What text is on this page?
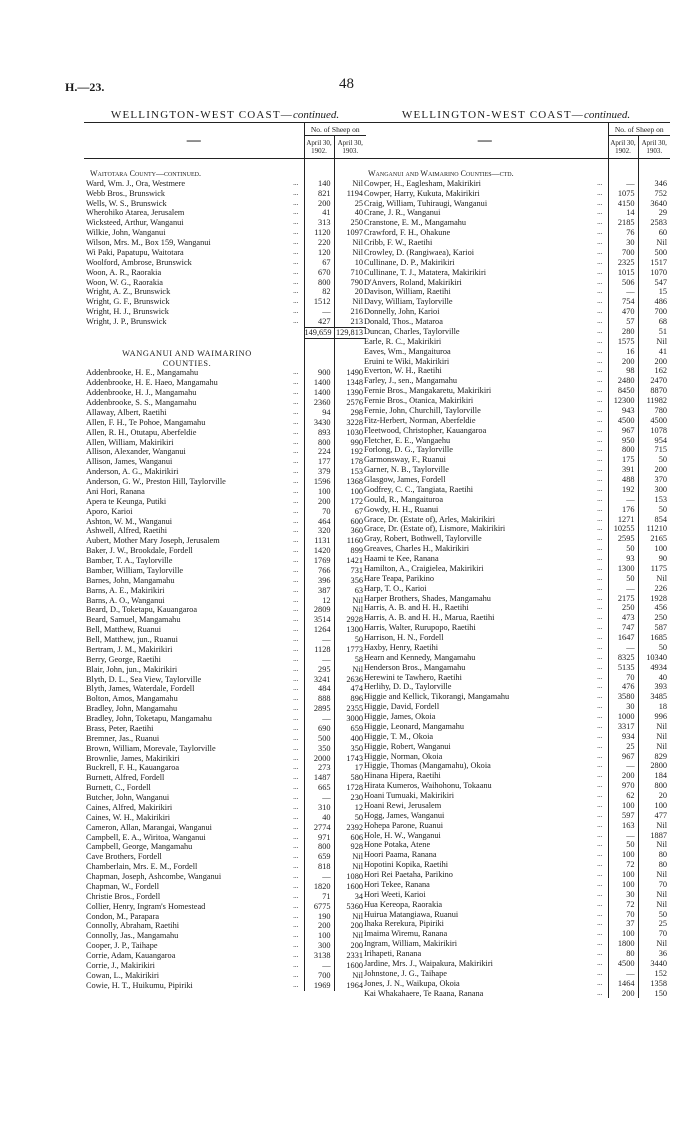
H.—23.	48
WELLINGTON-WEST COAST—continued.
—		No. of Sheep on	
		April 30, 1902.	April 30, 1903.

Waitotara County—continued.			
Ward, Wm. J., Ora, Westmere	...	140	Nil
Webb Bros., Brunswick	...	821	1194
Wells, W. S., Brunswick	...	200	25
Wherohiko Atarea, Jerusalem	...	41	40
Wicksteed, Arthur, Wanganui	...	313	250
Wilkie, John, Wanganui	...	1120	1097
Wilson, Mrs. M., Box 159, Wanganui	...	220	Nil
Wi Paki, Papatupu, Waitotara	...	120	Nil
Woolford, Ambrose, Brunswick	...	67	10
Woon, A. R., Raorakia	...	670	710
Woon, W. G., Raorakia	...	800	790
Wright, A. Z., Brunswick	...	82	20
Wright, G. F., Brunswick	...	1512	Nil
Wright, H. J., Brunswick	...	—	216
Wright, J. P., Brunswick	...	427	213
		149,659	129,813

WANGANUI AND WAIMARINO			
COUNTIES.			
Addenbrooke, H. E., Mangamahu	...	900	1490
Addenbrooke, H. E. Haeo, Mangamahu	...	1400	1348
Addenbrooke, H. J., Mangamahu	...	1400	1390
Addenbrooke, S. S., Mangamahu	...	2360	2576
Allaway, Albert, Raetihi	...	94	298
Allen, F. H., Te Pohoe, Mangamahu	...	3430	3228
Allen, R. H., Otutapu, Aberfeldie	...	893	1030
Allen, William, Makirikiri	...	800	990
Allison, Alexander, Wanganui	...	224	192
Allison, James, Wanganui	...	177	178
Anderson, A. G., Makirikiri	...	379	153
Anderson, G. W., Preston Hill, Taylorville	...	1596	1368
Ani Hori, Ranana	...	100	100
Apera te Keunga, Putiki	...	200	172
Aporo, Karioi	...	70	67
Ashton, W. M., Wanganui	...	464	600
Ashwell, Alfred, Raetihi	...	320	360
Aubert, Mother Mary Joseph, Jerusalem	...	1131	1160
Baker, J. W., Brookdale, Fordell	...	1420	899
Bamber, T. A., Taylorville	...	1769	1421
Bamber, William, Taylorville	...	766	731
Barnes, John, Mangamahu	...	396	356
Barns, A. E., Makirikiri	...	387	63
Barns, A. O., Wanganui	...	12	Nil
Beard, D., Toketapu, Kauangaroa	...	2809	Nil
Beard, Samuel, Mangamahu	...	3514	2928
Bell, Matthew, Ruanui	...	1264	1300
Bell, Matthew, jun., Ruanui	...	—	50
Bertram, J. M., Makirikiri	...	1128	1773
Berry, George, Raetihi	...	—	58
Blair, John, jun., Makirikiri	...	295	Nil
Blyth, D. L., Sea View, Taylorville	...	3241	2636
Blyth, James, Waterdale, Fordell	...	484	474
Bolton, Amos, Mangamahu	...	888	896
Bradley, John, Mangamahu	...	2895	2355
Bradley, John, Toketapu, Mangamahu	...	—	3000
Brass, Peter, Raetihi	...	690	659
Bremner, Jas., Ruanui	...	500	400
Brown, William, Morevale, Taylorville	...	350	350
Brownlie, James, Makirikiri	...	2000	1743
Buckrell, F. H., Kauangaroa	...	273	17
Burnett, Alfred, Fordell	...	1487	580
Burnett, C., Fordell	...	665	1728
Butcher, John, Wanganui	...	—	230
Caines, Alfred, Makirikiri	...	310	12
Caines, W. H., Makirikiri	...	40	50
Cameron, Allan, Marangai, Wanganui	...	2774	2392
Campbell, E. A., Wiritoa, Wanganui	...	971	606
Campbell, George, Mangamahu	...	800	928
Cave Brothers, Fordell	...	659	Nil
Chamberlain, Mrs. E. M., Fordell	...	818	Nil
Chapman, Joseph, Ashcombe, Wanganui	...	—	1080
Chapman, W., Fordell	...	1820	1600
Christie Bros., Fordell	...	71	34
Collier, Henry, Ingram's Homestead	...	6775	5360
Condon, M., Parapara	...	190	Nil
Connolly, Abraham, Raetihi	...	200	200
Connolly, Jas., Mangamahu	...	100	Nil
Cooper, J. P., Taihape	...	300	200
Corrie, Adam, Kauangaroa	...	3138	2331
Corrie, J., Makirikiri	...	—	1600
Cowan, L., Makirikiri	...	700	Nil
Cowie, H. T., Huikumu, Pipiriki	...	1969	1964
WELLINGTON-WEST COAST—continued.
—		No. of Sheep on	
		April 30, 1902.	April 30, 1903.

Wanganui and Waimarino Counties—ctd.			
Cowper, H., Eaglesham, Makirikiri	...	—	346
Cowper, Harry, Kukuta, Makirikiri	...	1075	752
Craig, William, Tuhiraugi, Wanganui	...	4150	3640
Crane, J. R., Wanganui	...	14	29
Cranstone, E. M., Mangamahu	...	2185	2583
Crawford, F. H., Ohakune	...	76	60
Cribb, F. W., Raetihi	...	30	Nil
Crowley, D. (Rangiwaea), Karioi	...	700	500
Cullinane, D. P., Makirikiri	...	2325	1517
Cullinane, T. J., Matatera, Makirikiri	...	1015	1070
D'Anvers, Roland, Makirikiri	...	506	547
Davison, William, Raetihi	...	—	15
Davy, William, Taylorville	...	754	486
Donnelly, John, Karioi	...	470	700
Donald, Thos., Mataroa	...	57	68
Duncan, Charles, Taylorville	...	280	51
Earle, R. C., Makirikiri	...	1575	Nil
Eaves, Wm., Mangaituroa	...	16	41
Eruini te Wiki, Makirikiri	...	200	200
Everton, W. H., Raetihi	...	98	162
Farley, J., sen., Mangamahu	...	2480	2470
Fernie Bros., Mangakaretu, Makirikiri	...	8450	8870
Fernie Bros., Otanica, Makirikiri	...	12300	11982
Fernie, John, Churchill, Taylorville	...	943	780
Fitz-Herbert, Norman, Aberfeldie	...	4500	4500
Fleetwood, Christopher, Kauangaroa	...	967	1078
Fletcher, E. E., Wangaehu	...	950	954
Forlong, D. G., Taylorville	...	800	715
Garmonsway, F., Ruanui	...	175	50
Garner, N. B., Taylorville	...	391	200
Glasgow, James, Fordell	...	488	370
Godfrey, C. C., Tangiata, Raetihi	...	192	300
Gould, R., Mangaituroa	...	—	153
Gowdy, H. H., Ruanui	...	176	50
Grace, Dr. (Estate of), Arles, Makirikiri	...	1271	854
Grace, Dr. (Estate of), Lismore, Makirikiri	...	10255	11210
Gray, Robert, Bothwell, Taylorville	...	2595	2165
Greaves, Charles H., Makirikiri	...	50	100
Haami te Kee, Ranana	...	93	90
Hamilton, A., Craigielea, Makirikiri	...	1300	1175
Hare Teapa, Parikino	...	50	Nil
Harp, T. O., Karioi	...	—	226
Harper Brothers, Shades, Mangamahu	...	2175	1928
Harris, A. B. and H. H., Raetihi	...	250	456
Harris, A. B. and H. H., Marua, Raetihi	...	473	250
Harris, Walter, Rurupopo, Raetihi	...	747	587
Harrison, H. N., Fordell	...	1647	1685
Haxby, Henry, Raetihi	...	—	50
Hearn and Kennedy, Mangamahu	...	8325	10340
Henderson Bros., Mangamahu	...	5135	4934
Herewini te Tawhero, Raetihi	...	70	40
Herlihy, D. D., Taylorville	...	476	393
Higgie and Kellick, Tikorangi, Mangamahu	...	3580	3485
Higgie, David, Fordell	...	30	18
Higgie, James, Okoia	...	1000	996
Higgie, Leonard, Mangamahu	...	3317	Nil
Higgie, T. M., Okoia	...	934	Nil
Higgie, Robert, Wanganui	...	25	Nil
Higgie, Norman, Okoia	...	967	829
Higgie, Thomas (Mangamahu), Okoia	...	—	2800
Hinana Hipera, Raetihi	...	200	184
Hirata Kumeros, Waihohonu, Tokaanu	...	970	800
Hoani Tumuaki, Makirikiri	...	62	20
Hoani Rewi, Jerusalem	...	100	100
Hogg, James, Wanganui	...	597	477
Hohepa Parone, Ruanui	...	163	Nil
Hole, H. W., Wanganui	...	—	1887
Hone Potaka, Atene	...	50	Nil
Hoori Paama, Ranana	...	100	80
Hopotini Kopika, Raetihi	...	72	80
Hori Rei Paetaha, Parikino	...	100	Nil
Hori Tekee, Ranana	...	100	70
Hori Weeti, Karioi	...	30	Nil
Hua Kereopa, Raorakia	...	72	Nil
Huirua Matangiawa, Ruanui	...	70	50
Ihaka Rerekura, Pipiriki	...	37	25
Imaima Wiremu, Ranana	...	100	70
Ingram, William, Makirikiri	...	1800	Nil
Irihapeti, Ranana	...	80	36
Jardine, Mrs. J., Waipakura, Makirikiri	...	4500	3440
Johnstone, J. G., Taihape	...	—	152
Jones, J. N., Waikupa, Okoia	...	1464	1358
Kai Whakahaere, Te Raana, Ranana	...	200	150
